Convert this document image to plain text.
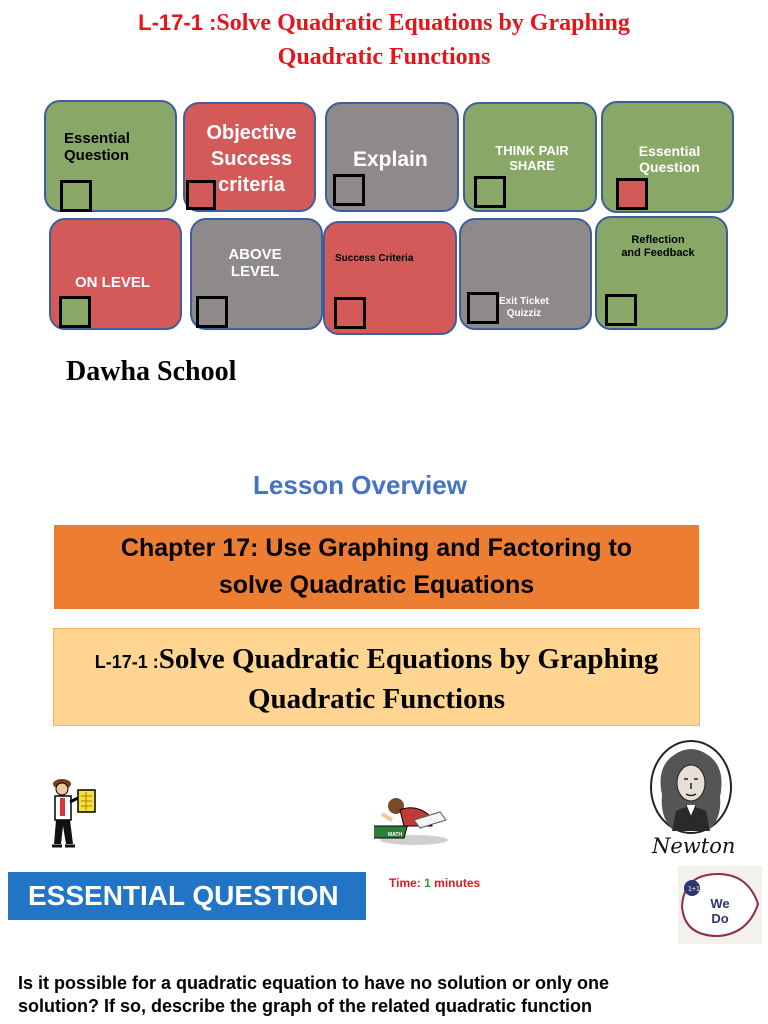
L-17-1 :Solve Quadratic Equations by Graphing
Quadratic Functions
Essential
Question
Objective
Success
criteria
Explain	THINK PAIR
SHARE
Essential
Question
ON LEVEL
ABOVE
LEVEL
Success Criteria
Exit Ticket
Quizziz
Reflection
and Feedback
Dawha School
Lesson Overview
Chapter 17: Use Graphing and Factoring to
solve Quadratic Equations
L-17-1 :Solve Quadratic Equations by Graphing
Quadratic Functions
MATH	Newton
ESSENTIAL QUESTION	Time: 1 minutes	1+1
We
Do
Is it possible for a quadratic equation to have no solution or only one
solution? If so, describe the graph of the related quadratic function
